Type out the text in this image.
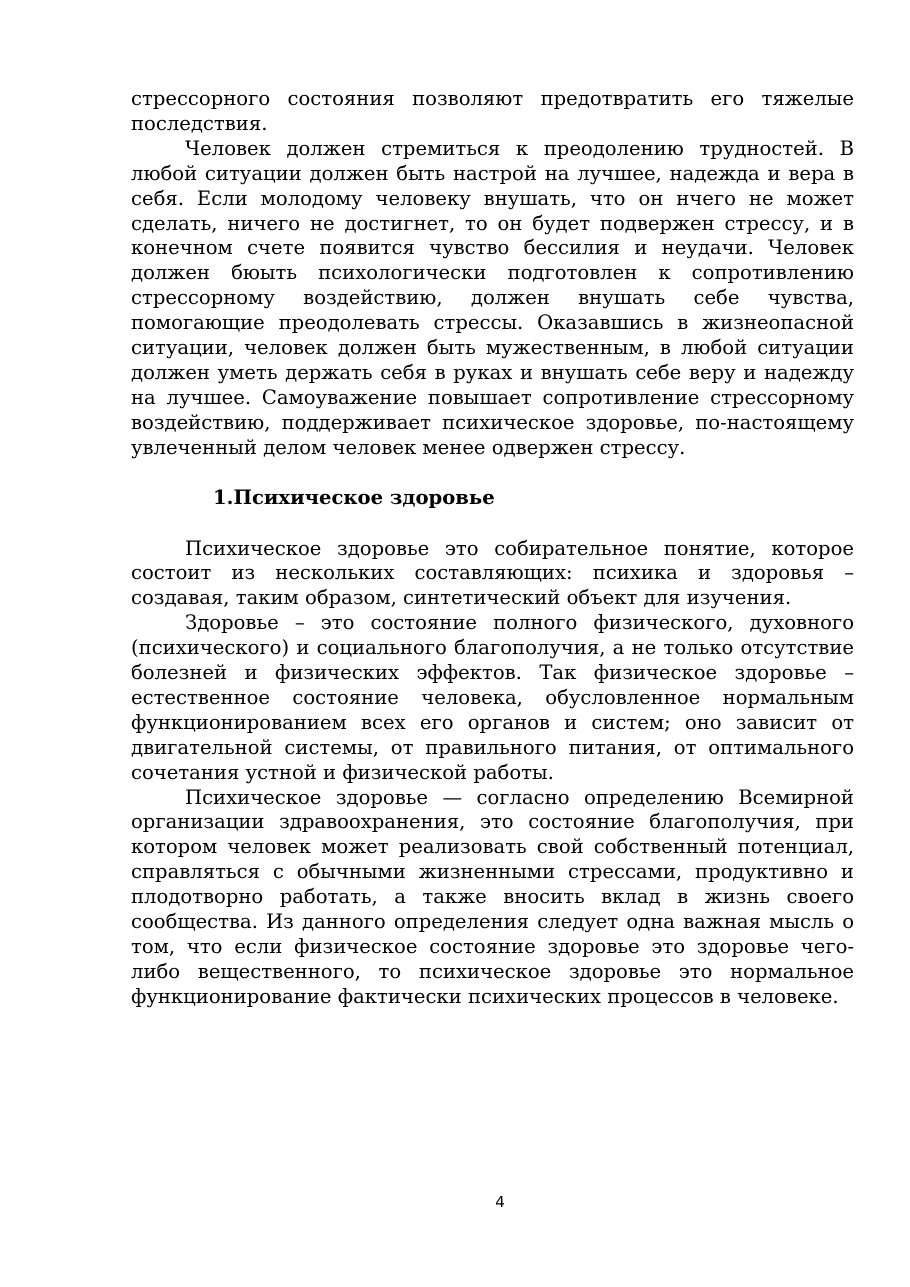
стрессорного состояния позволяют предотвратить его тяжелые последствия.

Человек должен стремиться к преодолению трудностей. В любой ситуации должен быть настрой на лучшее, надежда и вера в себя. Если молодому человеку внушать, что он нчего не может сделать, ничего не достигнет, то он будет подвержен стрессу, и в конечном счете появится чувство бессилия и неудачи. Человек должен бюыть психологически подготовлен к сопротивлению стрессорному воздействию, должен внушать себе чувства, помогающие преодолевать стрессы. Оказавшись в жизнеопасной ситуации, человек должен быть мужественным, в любой ситуации должен уметь держать себя в руках и внушать себе веру и надежду на лучшее. Самоуважение повышает сопротивление стрессорному воздействию, поддерживает психическое здоровье, по-настоящему увлеченный делом человек менее одвержен стрессу.

1.Психическое здоровье

Психическое здоровье это собирательное понятие, которое состоит из нескольких составляющих: психика и здоровья – создавая, таким образом, синтетический объект для изучения.

Здоровье – это состояние полного физического, духовного (психического) и социального благополучия, а не только отсутствие болезней и физических эффектов. Так физическое здоровье – естественное состояние человека, обусловленное нормальным функционированием всех его органов и систем; оно зависит от двигательной системы, от правильного питания, от оптимального сочетания устной и физической работы.

Психическое здоровье — согласно определению Всемирной организации здравоохранения, это состояние благополучия, при котором человек может реализовать свой собственный потенциал, справляться с обычными жизненными стрессами, продуктивно и плодотворно работать, а также вносить вклад в жизнь своего сообщества. Из данного определения следует одна важная мысль о том, что если физическое состояние здоровье это здоровье чего-либо вещественного, то психическое здоровье это нормальное функционирование фактически психических процессов в человеке.

4
